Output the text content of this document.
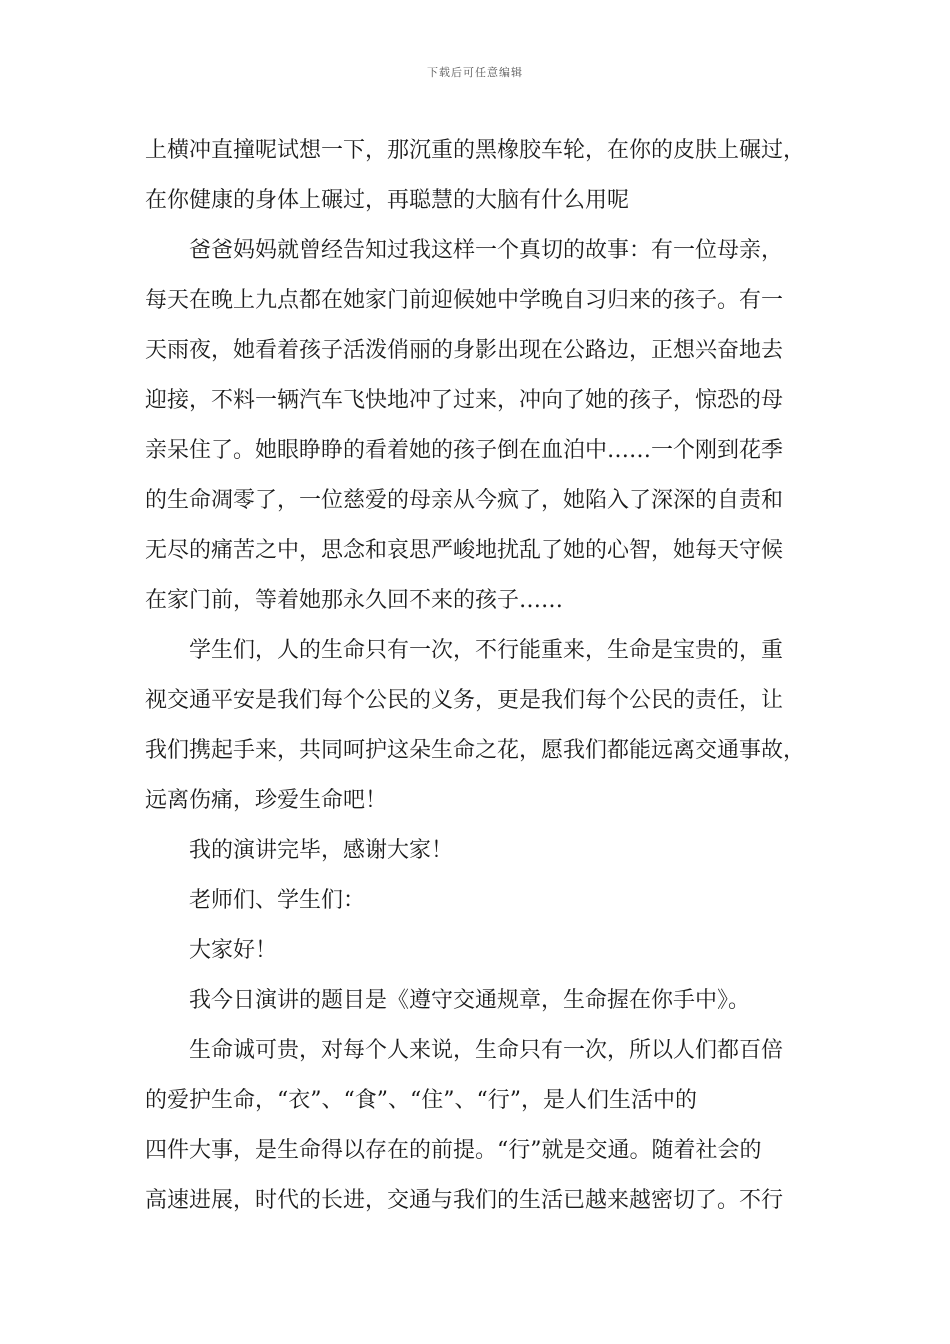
下载后可任意编辑
上横冲直撞呢试想一下，那沉重的黑橡胶车轮，在你的皮肤上碾过，
在你健康的身体上碾过，再聪慧的大脑有什么用呢
爸爸妈妈就曾经告知过我这样一个真切的故事：有一位母亲，
每天在晚上九点都在她家门前迎候她中学晚自习归来的孩子。有一
天雨夜，她看着孩子活泼俏丽的身影出现在公路边，正想兴奋地去
迎接，不料一辆汽车飞快地冲了过来，冲向了她的孩子，惊恐的母
亲呆住了。她眼睁睁的看着她的孩子倒在血泊中……一个刚到花季
的生命凋零了，一位慈爱的母亲从今疯了，她陷入了深深的自责和
无尽的痛苦之中，思念和哀思严峻地扰乱了她的心智，她每天守候
在家门前，等着她那永久回不来的孩子……
学生们，人的生命只有一次，不行能重来，生命是宝贵的，重
视交通平安是我们每个公民的义务，更是我们每个公民的责任，让
我们携起手来，共同呵护这朵生命之花，愿我们都能远离交通事故，
远离伤痛，珍爱生命吧！
我的演讲完毕，感谢大家！
老师们、学生们：
大家好！
我今日演讲的题目是《遵守交通规章，生命握在你手中》。
生命诚可贵，对每个人来说，生命只有一次，所以人们都百倍
的爱护生命，“衣”、“食”、“住”、“行”，是人们生活中的
四件大事，是生命得以存在的前提。“行”就是交通。随着社会的
高速进展，时代的长进，交通与我们的生活已越来越密切了。不行
